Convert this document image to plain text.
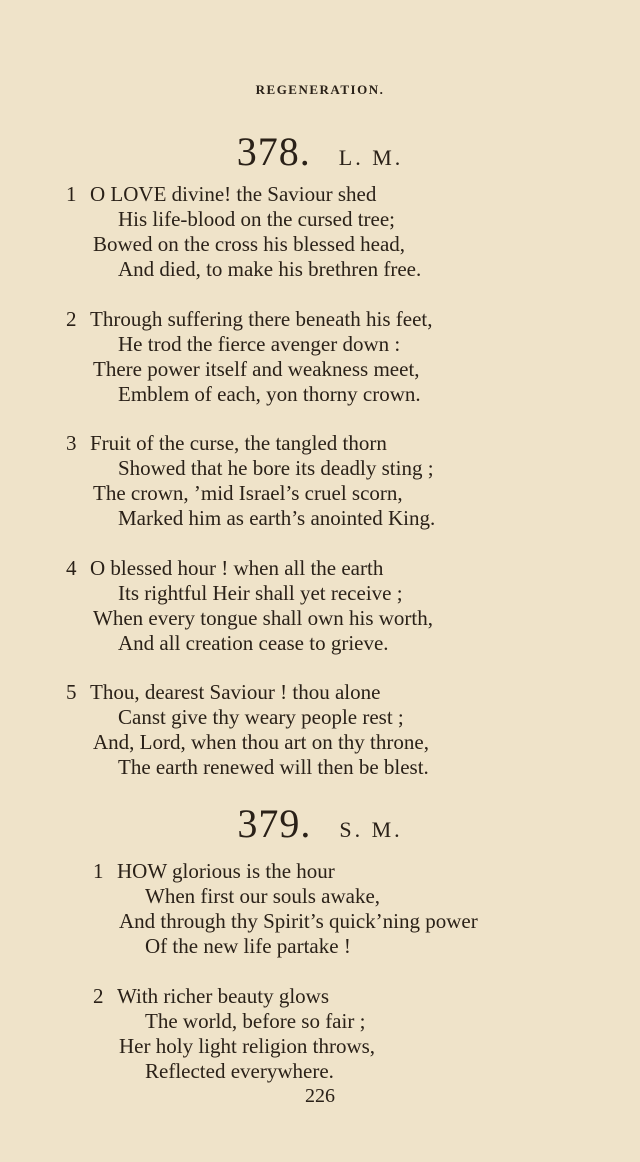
REGENERATION.
378. L. M.
1 O LOVE divine! the Saviour shed
His life-blood on the cursed tree;
Bowed on the cross his blessed head,
And died, to make his brethren free.
2 Through suffering there beneath his feet,
He trod the fierce avenger down :
There power itself and weakness meet,
Emblem of each, yon thorny crown.
3 Fruit of the curse, the tangled thorn
Showed that he bore its deadly sting ;
The crown, ’mid Israel’s cruel scorn,
Marked him as earth’s anointed King.
4 O blessed hour ! when all the earth
Its rightful Heir shall yet receive ;
When every tongue shall own his worth,
And all creation cease to grieve.
5 Thou, dearest Saviour ! thou alone
Canst give thy weary people rest ;
And, Lord, when thou art on thy throne,
The earth renewed will then be blest.
379. S. M.
1 HOW glorious is the hour
When first our souls awake,
And through thy Spirit’s quick’ning power
Of the new life partake !
2 With richer beauty glows
The world, before so fair ;
Her holy light religion throws,
Reflected everywhere.
226
